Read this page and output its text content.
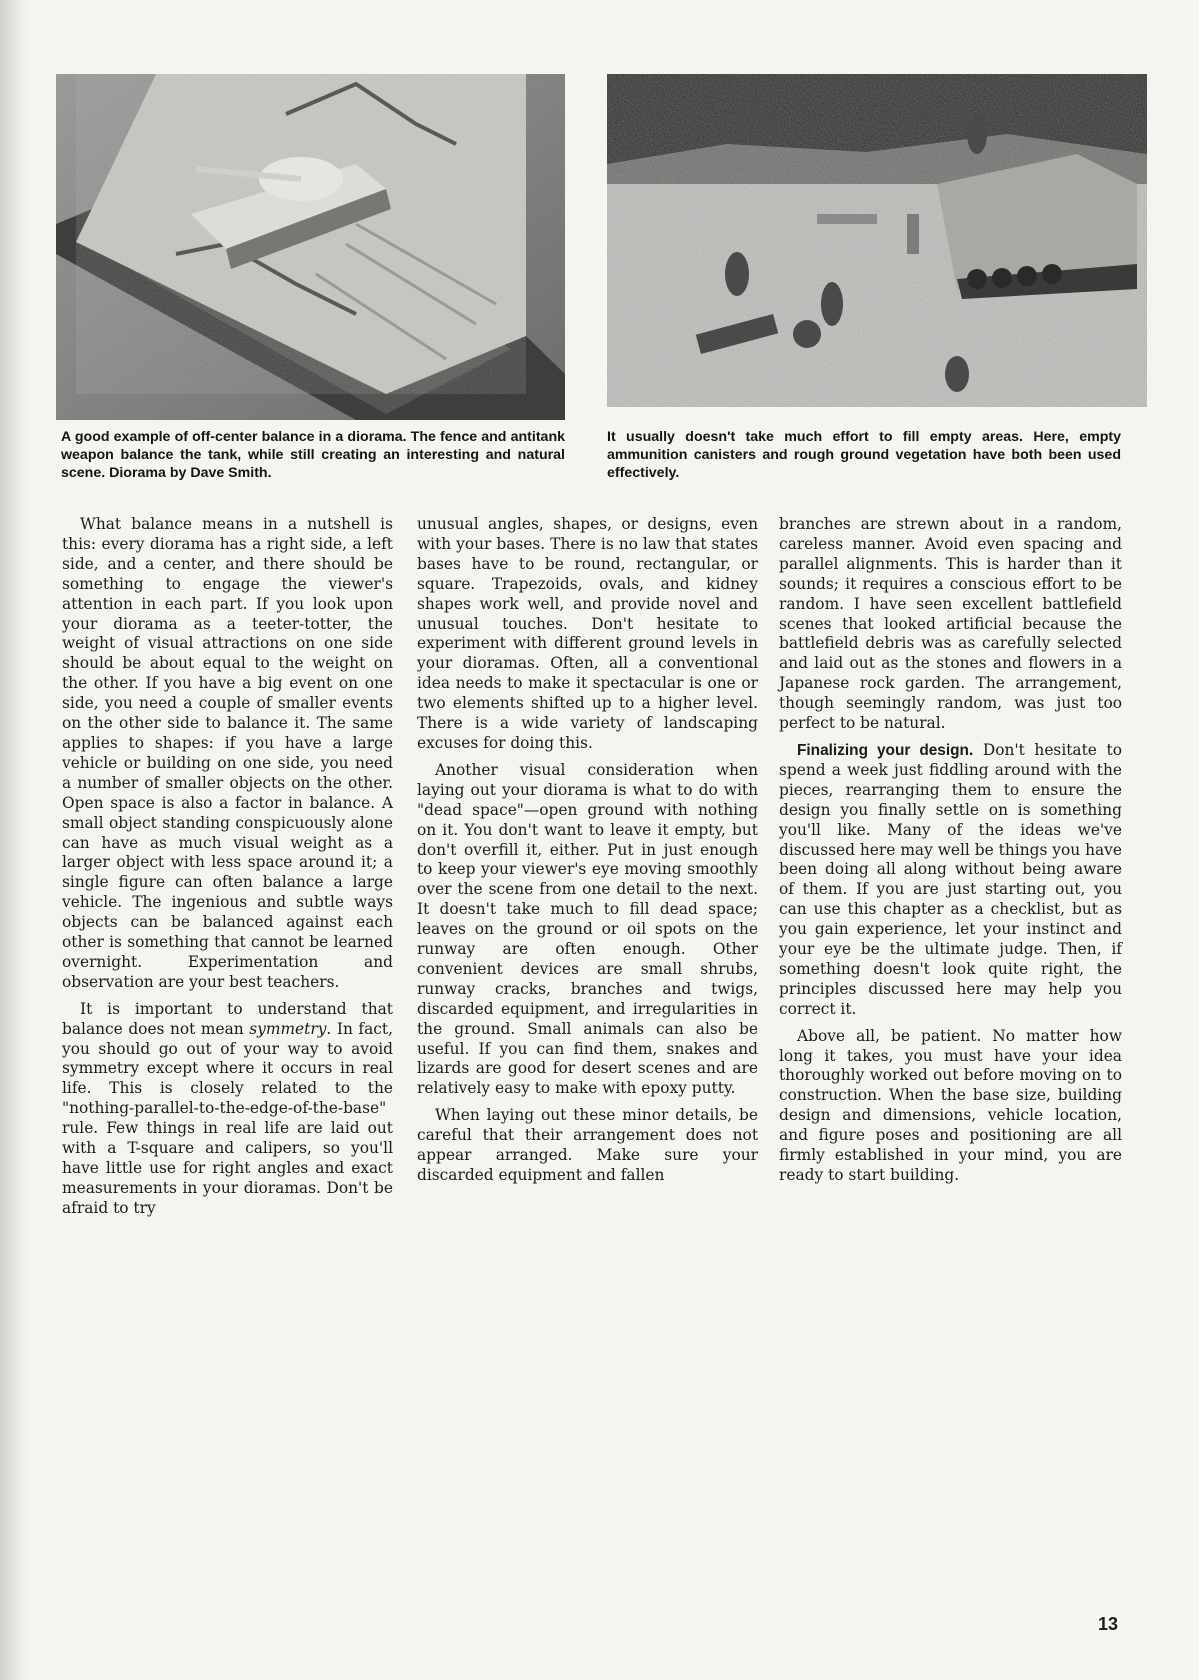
A good example of off-center balance in a diorama. The fence and antitank weapon balance the tank, while still creating an interesting and natural scene. Diorama by Dave Smith.

It usually doesn't take much effort to fill empty areas. Here, empty ammunition canisters and rough ground vegetation have both been used effectively.

What balance means in a nutshell is this: every diorama has a right side, a left side, and a center, and there should be something to engage the viewer's attention in each part. If you look upon your diorama as a teeter-totter, the weight of visual attractions on one side should be about equal to the weight on the other. If you have a big event on one side, you need a couple of smaller events on the other side to balance it. The same applies to shapes: if you have a large vehicle or building on one side, you need a number of smaller objects on the other. Open space is also a factor in balance. A small object standing conspicuously alone can have as much visual weight as a larger object with less space around it; a single figure can often balance a large vehicle. The ingenious and subtle ways objects can be balanced against each other is something that cannot be learned overnight. Experimentation and observation are your best teachers.

It is important to understand that balance does not mean symmetry. In fact, you should go out of your way to avoid symmetry except where it occurs in real life. This is closely related to the "nothing-parallel-to-the-edge-of-the-base" rule. Few things in real life are laid out with a T-square and calipers, so you'll have little use for right angles and exact measurements in your dioramas. Don't be afraid to try

unusual angles, shapes, or designs, even with your bases. There is no law that states bases have to be round, rectangular, or square. Trapezoids, ovals, and kidney shapes work well, and provide novel and unusual touches. Don't hesitate to experiment with different ground levels in your dioramas. Often, all a conventional idea needs to make it spectacular is one or two elements shifted up to a higher level. There is a wide variety of landscaping excuses for doing this.

Another visual consideration when laying out your diorama is what to do with "dead space"—open ground with nothing on it. You don't want to leave it empty, but don't overfill it, either. Put in just enough to keep your viewer's eye moving smoothly over the scene from one detail to the next. It doesn't take much to fill dead space; leaves on the ground or oil spots on the runway are often enough. Other convenient devices are small shrubs, runway cracks, branches and twigs, discarded equipment, and irregularities in the ground. Small animals can also be useful. If you can find them, snakes and lizards are good for desert scenes and are relatively easy to make with epoxy putty.

When laying out these minor details, be careful that their arrangement does not appear arranged. Make sure your discarded equipment and fallen

branches are strewn about in a random, careless manner. Avoid even spacing and parallel alignments. This is harder than it sounds; it requires a conscious effort to be random. I have seen excellent battlefield scenes that looked artificial because the battlefield debris was as carefully selected and laid out as the stones and flowers in a Japanese rock garden. The arrangement, though seemingly random, was just too perfect to be natural.

Finalizing your design. Don't hesitate to spend a week just fiddling around with the pieces, rearranging them to ensure the design you finally settle on is something you'll like. Many of the ideas we've discussed here may well be things you have been doing all along without being aware of them. If you are just starting out, you can use this chapter as a checklist, but as you gain experience, let your instinct and your eye be the ultimate judge. Then, if something doesn't look quite right, the principles discussed here may help you correct it.

Above all, be patient. No matter how long it takes, you must have your idea thoroughly worked out before moving on to construction. When the base size, building design and dimensions, vehicle location, and figure poses and positioning are all firmly established in your mind, you are ready to start building.

13
